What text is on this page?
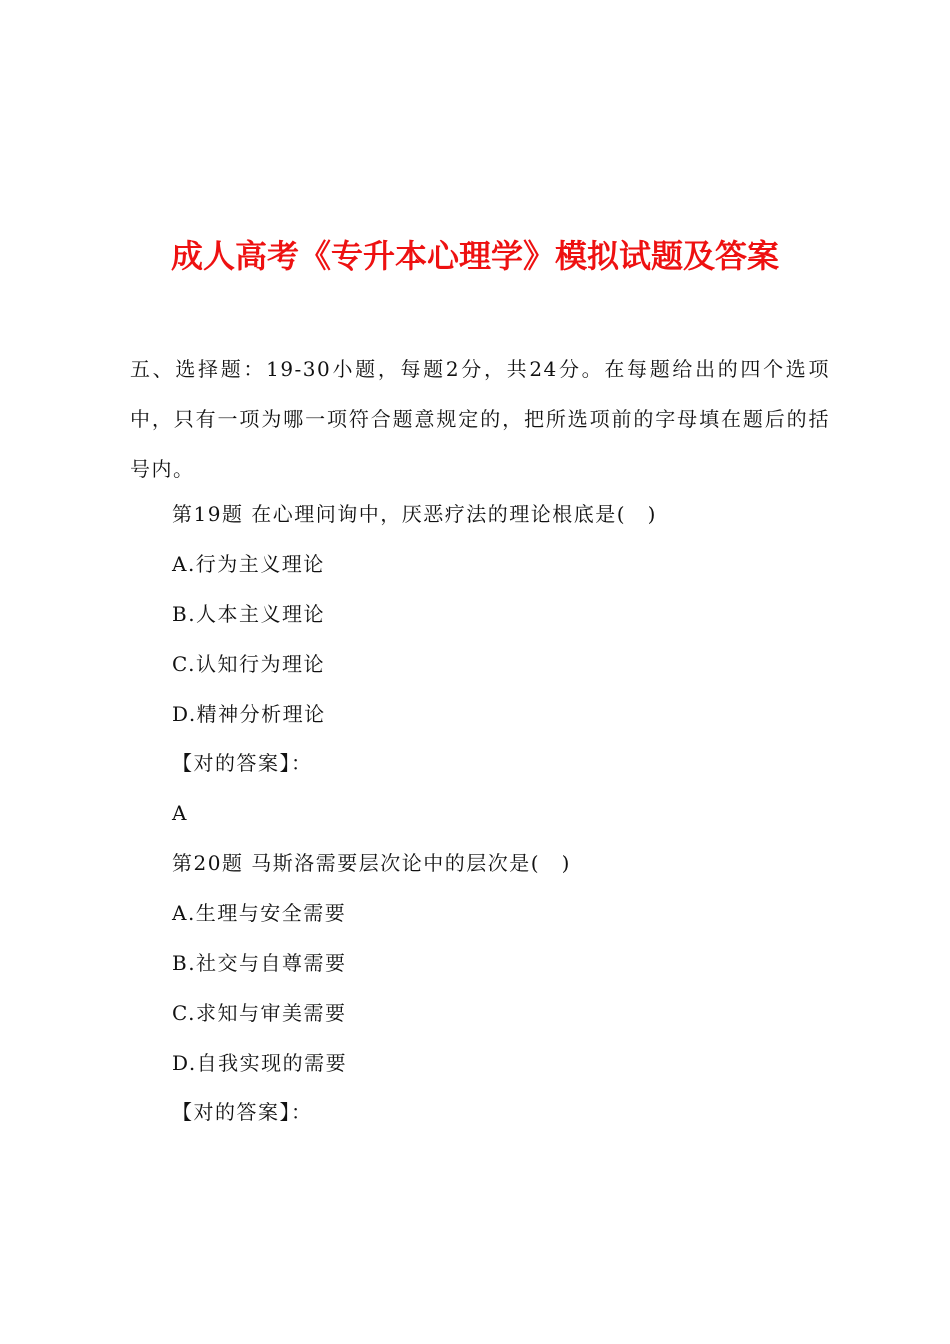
成人高考《专升本心理学》模拟试题及答案

五、选择题：19-30小题，每题2分，共24分。在每题给出的四个选项中，只有一项为哪一项符合题意规定的，把所选项前的字母填在题后的括号内。

第19题 在心理问询中，厌恶疗法的理论根底是(　)

A.行为主义理论

B.人本主义理论

C.认知行为理论

D.精神分析理论

【对的答案】：

A

第20题 马斯洛需要层次论中的层次是(　)

A.生理与安全需要

B.社交与自尊需要

C.求知与审美需要

D.自我实现的需要

【对的答案】：
